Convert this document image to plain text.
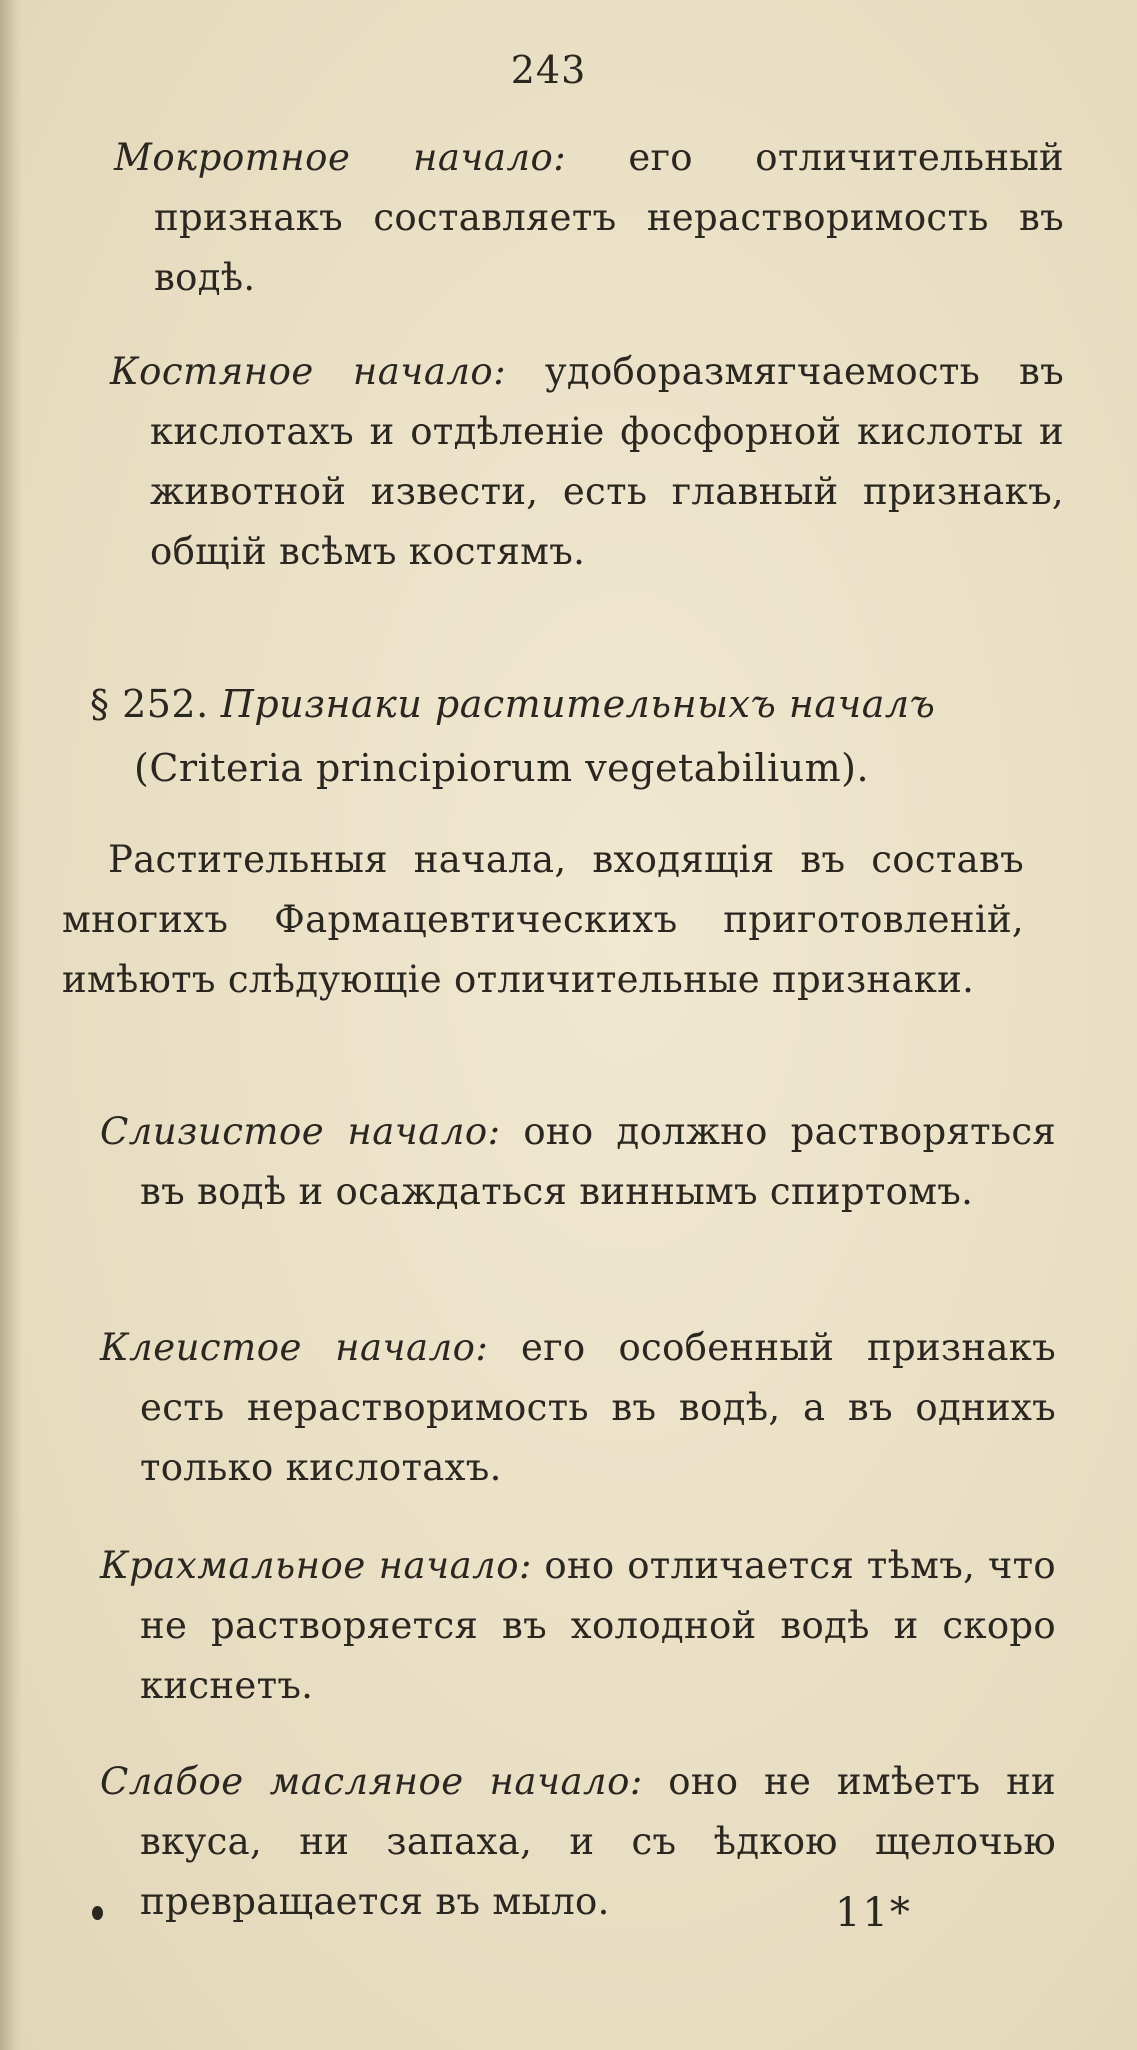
243
Мокротное начало: его отличительный признакъ составляетъ нерастворимость въ водѣ.
Костяное начало: удоборазмягчаемость въ кислотахъ и отдѣленіе фосфорной кислоты и животной извести, есть главный признакъ, общій всѣмъ костямъ.
§ 252. Признаки растительныхъ началъ
(Criteria principiorum vegetabilium).
Растительныя начала, входящія въ составъ многихъ Фармацевтическихъ приготовленій, имѣютъ слѣдующіе отличительные признаки.
Слизистое начало: оно должно растворяться въ водѣ и осаждаться виннымъ спиртомъ.
Клеистое начало: его особенный признакъ есть нерастворимость въ водѣ, а въ однихъ только кислотахъ.
Крахмальное начало: оно отличается тѣмъ, что не растворяется въ холодной водѣ и скоро кисн​етъ.
Слабое масляное начало: оно не имѣетъ ни вкуса, ни запаха, и съ ѣдкою щелочью превращается въ мыло.	11*
